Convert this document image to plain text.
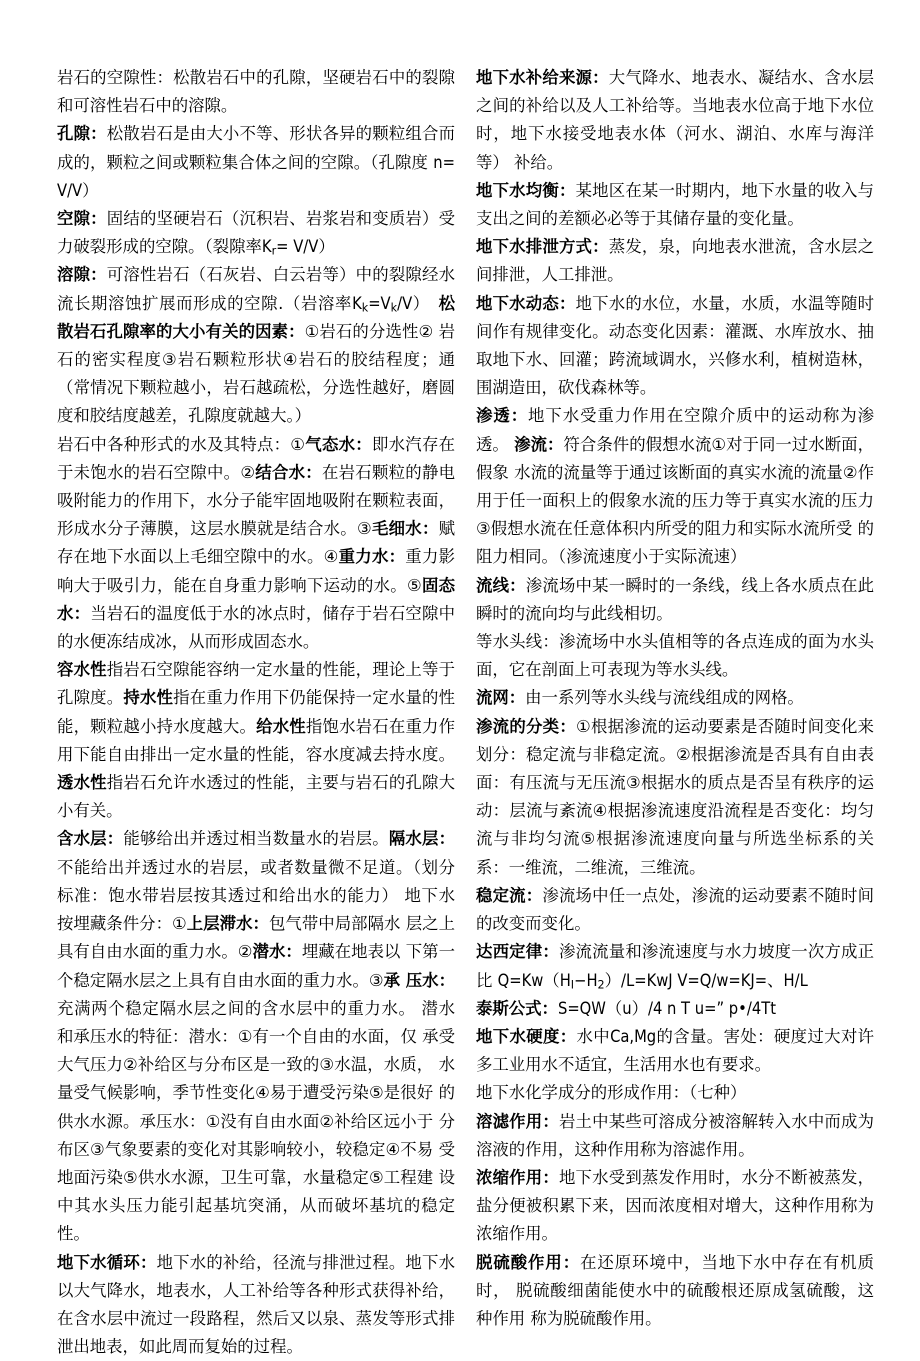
岩石的空隙性：松散岩石中的孔隙，坚硬岩石中的裂隙和可溶性岩石中的溶隙。

孔隙：松散岩石是由大小不等、形状各异的颗粒组合而成的，颗粒之间或颗粒集合体之间的空隙。（孔隙度 n=V/V）

空隙：固结的坚硬岩石（沉积岩、岩浆岩和变质岩）受力破裂形成的空隙。（裂隙率$K_r= V/V$）

溶隙：可溶性岩石（石灰岩、白云岩等）中的裂隙经水流长期溶蚀扩展而形成的空隙.（岩溶率$K_k=V_k/V$）　松散岩石孔隙率的大小有关的因素：①岩石的分选性② 岩石的密实程度③岩石颗粒形状④岩石的胶结程度；通 （常情况下颗粒越小，岩石越疏松，分选性越好，磨圆 度和胶结度越差，孔隙度就越大。）

岩石中各种形式的水及其特点：①气态水：即水汽存在于未饱水的岩石空隙中。②结合水：在岩石颗粒的静电吸附能力的作用下，水分子能牢固地吸附在颗粒表面，形成水分子薄膜，这层水膜就是结合水。③毛细水：赋存在地下水面以上毛细空隙中的水。④重力水：重力影响大于吸引力，能在自身重力影响下运动的水。⑤固态水：当岩石的温度低于水的冰点时，储存于岩石空隙中的水便冻结成冰，从而形成固态水。

容水性指岩石空隙能容纳一定水量的性能，理论上等于孔隙度。持水性指在重力作用下仍能保持一定水量的性能，颗粒越小持水度越大。给水性指饱水岩石在重力作用下能自由排出一定水量的性能，容水度减去持水度。透水性指岩石允许水透过的性能，主要与岩石的孔隙大小有关。

含水层：能够给出并透过相当数量水的岩层。隔水层：不能给出并透过水的岩层，或者数量微不足道。（划分标准：饱水带岩层按其透过和给出水的能力） 地下水按埋藏条件分：①上层滞水：包气带中局部隔水 层之上具有自由水面的重力水。②潜水：埋藏在地表以 下第一个稳定隔水层之上具有自由水面的重力水。③承 压水：充满两个稳定隔水层之间的含水层中的重力水。 潜水和承压水的特征：潜水：①有一个自由的水面，仅 承受大气压力②补给区与分布区是一致的③水温，水质， 水量受气候影响，季节性变化④易于遭受污染⑤是很好 的供水水源。承压水：①没有自由水面②补给区远小于 分布区③气象要素的变化对其影响较小，较稳定④不易 受地面污染⑤供水水源，卫生可靠，水量稳定⑤工程建 设中其水头压力能引起基坑突涌，从而破坏基坑的稳定 性。

地下水循环：地下水的补给，径流与排泄过程。地下水以大气降水，地表水，人工补给等各种形式获得补给，在含水层中流过一段路程，然后又以泉、蒸发等形式排泄出地表，如此周而复始的过程。

地下水补给来源：大气降水、地表水、凝结水、含水层之间的补给以及人工补给等。当地表水位高于地下水位时，地下水接受地表水体（河水、湖泊、水库与海洋等） 补给。

地下水均衡：某地区在某一时期内，地下水量的收入与支出之间的差额必必等于其储存量的变化量。

地下水排泄方式：蒸发，泉，向地表水泄流，含水层之间排泄，人工排泄。

地下水动态：地下水的水位，水量，水质，水温等随时间作有规律变化。动态变化因素：灌溉、水库放水、抽取地下水、回灌；跨流域调水，兴修水利，植树造林，围湖造田，砍伐森林等。

渗透：地下水受重力作用在空隙介质中的运动称为渗透。 渗流：符合条件的假想水流①对于同一过水断面，假象 水流的流量等于通过该断面的真实水流的流量②作用于任一面积上的假象水流的压力等于真实水流的压力 ③假想水流在任意体积内所受的阻力和实际水流所受 的阻力相同。（渗流速度小于实际流速）

流线：渗流场中某一瞬时的一条线，线上各水质点在此瞬时的流向均与此线相切。

等水头线：渗流场中水头值相等的各点连成的面为水头面，它在剖面上可表现为等水头线。

流网：由一系列等水头线与流线组成的网格。

渗流的分类：①根据渗流的运动要素是否随时间变化来划分：稳定流与非稳定流。②根据渗流是否具有自由表面：有压流与无压流③根据水的质点是否呈有秩序的运动：层流与紊流④根据渗流速度沿流程是否变化：均匀流与非均匀流⑤根据渗流速度向量与所选坐标系的关 系：一维流，二维流，三维流。

稳定流：渗流场中任一点处，渗流的运动要素不随时间的改变而变化。

达西定律：渗流流量和渗流速度与水力坡度一次方成正比 $Q=Kw(H_I-H_2)/L=KwJ$ V=Q/w=KJ=、H/L

泰斯公式：S=QW（u）/4 n T u=” p•/4Tt

地下水硬度：水中Ca,Mg的含量。害处：硬度过大对许多工业用水不适宜，生活用水也有要求。

地下水化学成分的形成作用：（七种）

溶滤作用：岩土中某些可溶成分被溶解转入水中而成为溶液的作用，这种作用称为溶滤作用。

浓缩作用：地下水受到蒸发作用时，水分不断被蒸发，盐分便被积累下来，因而浓度相对增大，这种作用称为浓缩作用。

脱硫酸作用：在还原环境中，当地下水中存在有机质时， 脱硫酸细菌能使水中的硫酸根还原成氢硫酸，这种作用 称为脱硫酸作用。
